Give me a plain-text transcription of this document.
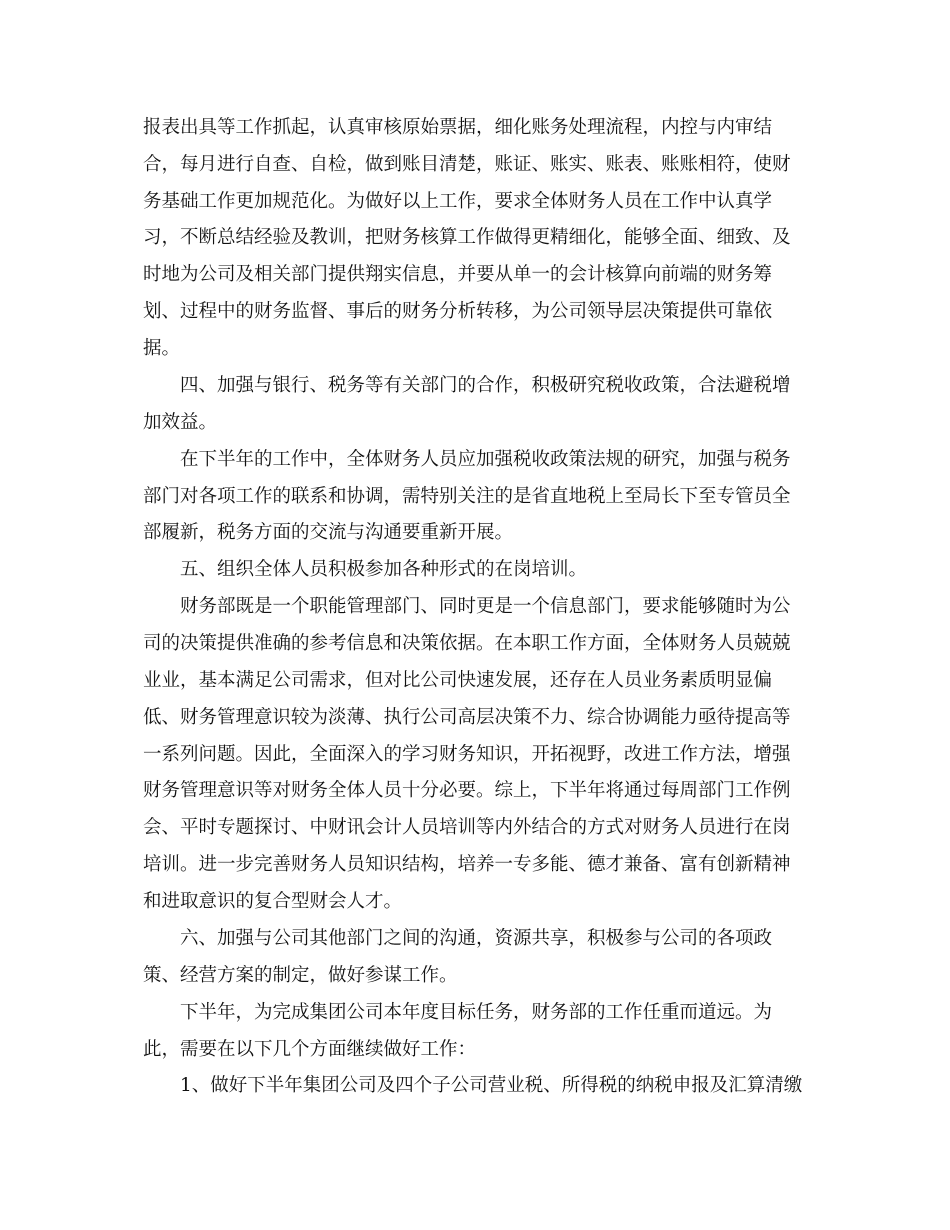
报表出具等工作抓起，认真审核原始票据，细化账务处理流程，内控与内审结
合，每月进行自查、自检，做到账目清楚，账证、账实、账表、账账相符，使财
务基础工作更加规范化。为做好以上工作，要求全体财务人员在工作中认真学
习，不断总结经验及教训，把财务核算工作做得更精细化，能够全面、细致、及
时地为公司及相关部门提供翔实信息，并要从单一的会计核算向前端的财务筹
划、过程中的财务监督、事后的财务分析转移，为公司领导层决策提供可靠依
据。
四、加强与银行、税务等有关部门的合作，积极研究税收政策，合法避税增
加效益。
在下半年的工作中，全体财务人员应加强税收政策法规的研究，加强与税务
部门对各项工作的联系和协调，需特别关注的是省直地税上至局长下至专管员全
部履新，税务方面的交流与沟通要重新开展。
五、组织全体人员积极参加各种形式的在岗培训。
财务部既是一个职能管理部门、同时更是一个信息部门，要求能够随时为公
司的决策提供准确的参考信息和决策依据。在本职工作方面，全体财务人员兢兢
业业，基本满足公司需求，但对比公司快速发展，还存在人员业务素质明显偏
低、财务管理意识较为淡薄、执行公司高层决策不力、综合协调能力亟待提高等
一系列问题。因此，全面深入的学习财务知识，开拓视野，改进工作方法，增强
财务管理意识等对财务全体人员十分必要。综上，下半年将通过每周部门工作例
会、平时专题探讨、中财讯会计人员培训等内外结合的方式对财务人员进行在岗
培训。进一步完善财务人员知识结构，培养一专多能、德才兼备、富有创新精神
和进取意识的复合型财会人才。
六、加强与公司其他部门之间的沟通，资源共享，积极参与公司的各项政
策、经营方案的制定，做好参谋工作。
下半年，为完成集团公司本年度目标任务，财务部的工作任重而道远。为
此，需要在以下几个方面继续做好工作：
1、做好下半年集团公司及四个子公司营业税、所得税的纳税申报及汇算清缴
